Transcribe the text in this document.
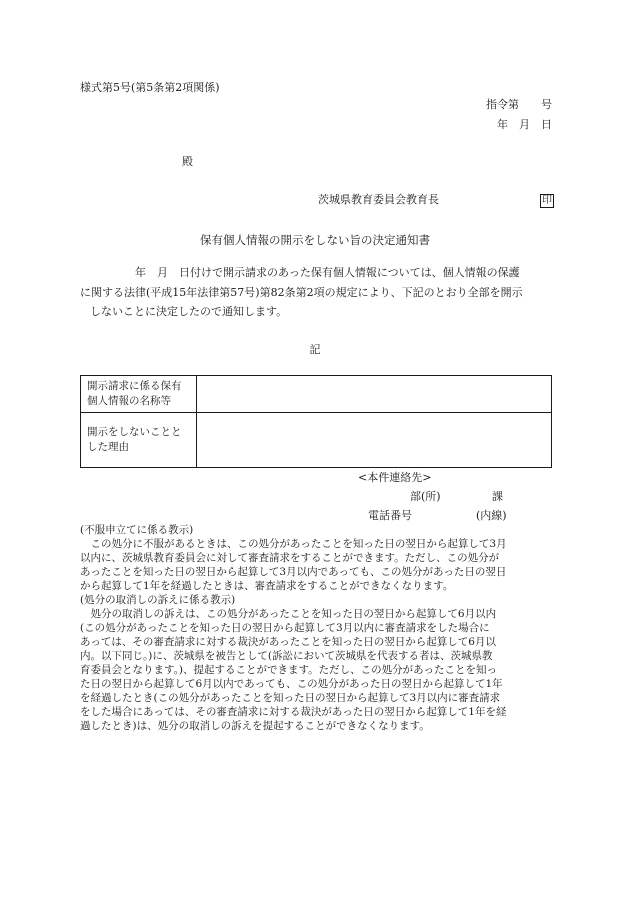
様式第5号(第5条第2項関係)
指令第　　号
年　月　日
殿
茨城県教育委員会教育長	印
保有個人情報の開示をしない旨の決定通知書
年　月　日付けで開示請求のあった保有個人情報については、個人情報の保護
に関する法律(平成15年法律第57号)第82条第2項の規定により、下記のとおり全部を開示
しないことに決定したので通知します。
記
開示請求に係る保有
個人情報の名称等	

開示をしないことと
した理由	

<本件連絡先>
部(所)	課
電話番号	(内線)
(不服申立てに係る教示)
　この処分に不服があるときは、この処分があったことを知った日の翌日から起算して3月
以内に、茨城県教育委員会に対して審査請求をすることができます。ただし、この処分が
あったことを知った日の翌日から起算して3月以内であっても、この処分があった日の翌日
から起算して1年を経過したときは、審査請求をすることができなくなります。
(処分の取消しの訴えに係る教示)
　処分の取消しの訴えは、この処分があったことを知った日の翌日から起算して6月以内
(この処分があったことを知った日の翌日から起算して3月以内に審査請求をした場合に
あっては、その審査請求に対する裁決があったことを知った日の翌日から起算して6月以
内。以下同じ。)に、茨城県を被告として(訴訟において茨城県を代表する者は、茨城県教
育委員会となります。)、提起することができます。ただし、この処分があったことを知っ
た日の翌日から起算して6月以内であっても、この処分があった日の翌日から起算して1年
を経過したとき(この処分があったことを知った日の翌日から起算して3月以内に審査請求
をした場合にあっては、その審査請求に対する裁決があった日の翌日から起算して1年を経
過したとき)は、処分の取消しの訴えを提起することができなくなります。
